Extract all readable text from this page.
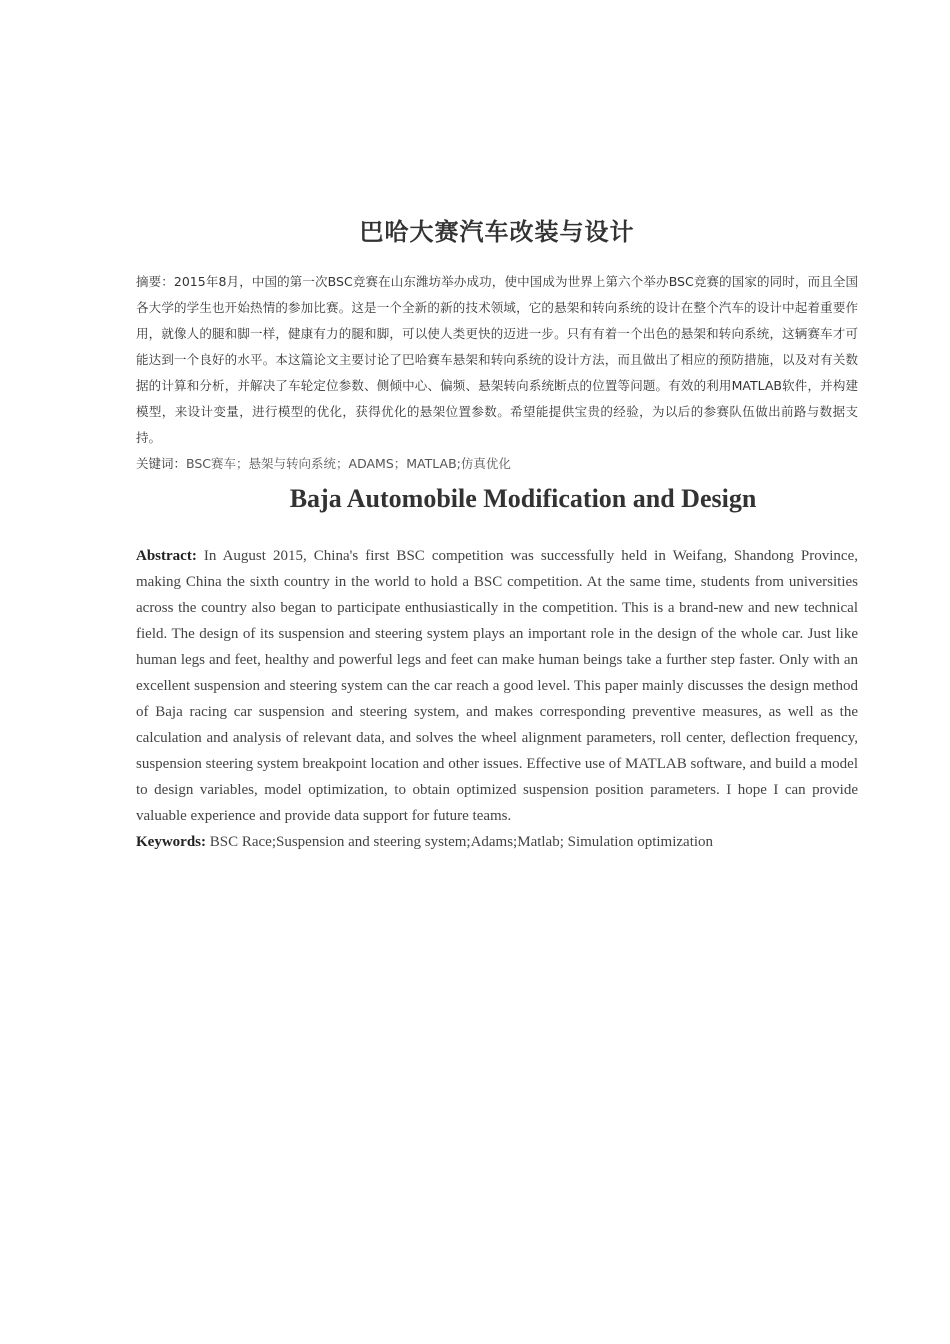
巴哈大赛汽车改装与设计

摘要：2015年8月，中国的第一次BSC竞赛在山东潍坊举办成功，使中国成为世界上第六个举办BSC竞赛的国家的同时，而且全国各大学的学生也开始热情的参加比赛。这是一个全新的新的技术领域，它的悬架和转向系统的设计在整个汽车的设计中起着重要作用，就像人的腿和脚一样，健康有力的腿和脚，可以使人类更快的迈进一步。只有有着一个出色的悬架和转向系统，这辆赛车才可能达到一个良好的水平。本这篇论文主要讨论了巴哈赛车悬架和转向系统的设计方法，而且做出了相应的预防措施，以及对有关数据的计算和分析，并解决了车轮定位参数、侧倾中心、偏频、悬架转向系统断点的位置等问题。有效的利用MATLAB软件，并构建模型，来设计变量，进行模型的优化，获得优化的悬架位置参数。希望能提供宝贵的经验，为以后的参赛队伍做出前路与数据支持。

关键词：BSC赛车；悬架与转向系统；ADAMS；MATLAB;仿真优化

Baja Automobile Modification and Design

Abstract: In August 2015, China's first BSC competition was successfully held in Weifang, Shandong Province, making China the sixth country in the world to hold a BSC competition. At the same time, students from universities across the country also began to participate enthusiastically in the competition. This is a brand-new and new technical field. The design of its suspension and steering system plays an important role in the design of the whole car. Just like human legs and feet, healthy and powerful legs and feet can make human beings take a further step faster. Only with an excellent suspension and steering system can the car reach a good level. This paper mainly discusses the design method of Baja racing car suspension and steering system, and makes corresponding preventive measures, as well as the calculation and analysis of relevant data, and solves the wheel alignment parameters, roll center, deflection frequency, suspension steering system breakpoint location and other issues. Effective use of MATLAB software, and build a model to design variables, model optimization, to obtain optimized suspension position parameters. I hope I can provide valuable experience and provide data support for future teams.

Keywords: BSC Race;Suspension and steering system;Adams;Matlab; Simulation optimization
